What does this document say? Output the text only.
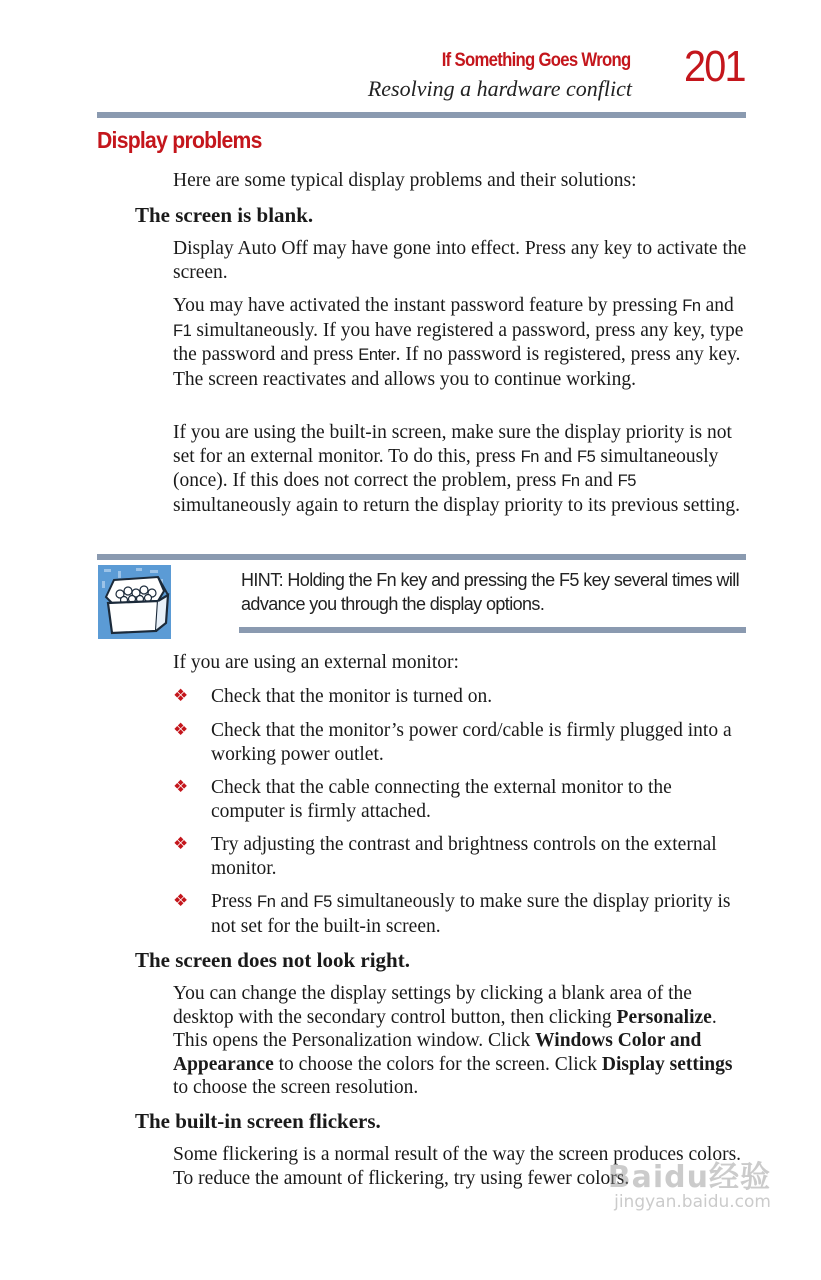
If Something Goes Wrong
Resolving a hardware conflict 201
Display problems
Here are some typical display problems and their solutions:
The screen is blank.
Display Auto Off may have gone into effect. Press any key to activate the screen.
You may have activated the instant password feature by pressing Fn and F1 simultaneously. If you have registered a password, press any key, type the password and press Enter. If no password is registered, press any key. The screen reactivates and allows you to continue working.
If you are using the built-in screen, make sure the display priority is not set for an external monitor. To do this, press Fn and F5 simultaneously (once). If this does not correct the problem, press Fn and F5 simultaneously again to return the display priority to its previous setting.
HINT: Holding the Fn key and pressing the F5 key several times will advance you through the display options.
If you are using an external monitor:
❖ Check that the monitor is turned on.
❖ Check that the monitor’s power cord/cable is firmly plugged into a working power outlet.
❖ Check that the cable connecting the external monitor to the computer is firmly attached.
❖ Try adjusting the contrast and brightness controls on the external monitor.
❖ Press Fn and F5 simultaneously to make sure the display priority is not set for the built-in screen.
The screen does not look right.
You can change the display settings by clicking a blank area of the desktop with the secondary control button, then clicking Personalize. This opens the Personalization window. Click Windows Color and Appearance to choose the colors for the screen. Click Display settings to choose the screen resolution.
The built-in screen flickers.
Some flickering is a normal result of the way the screen produces colors. To reduce the amount of flickering, try using fewer colors.
Baidu经验
jingyan.baidu.com
